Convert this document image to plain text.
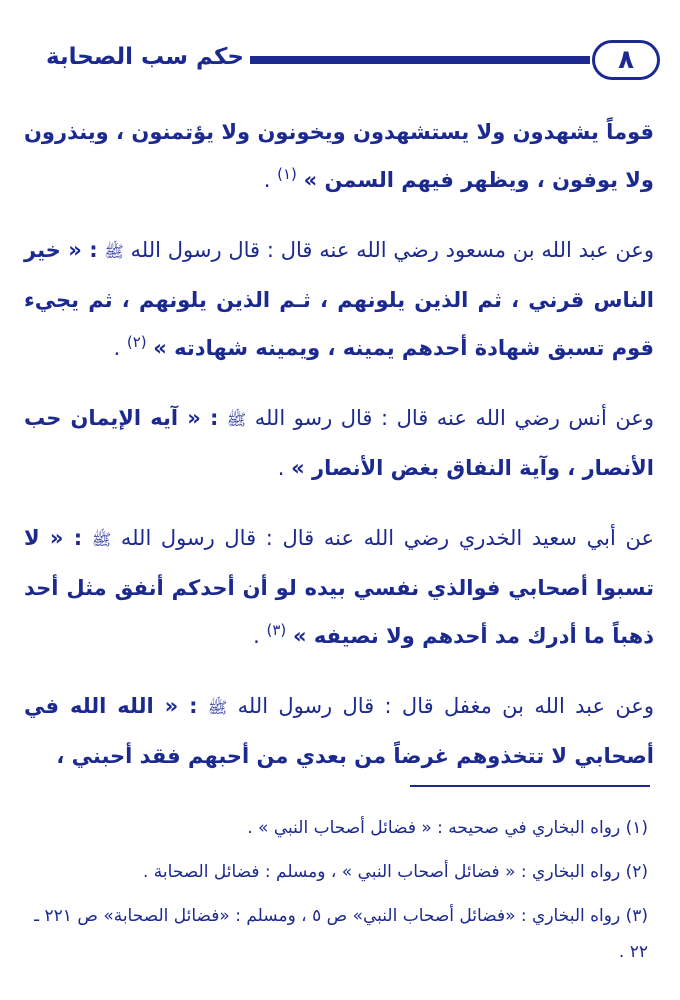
٨
حكم سب الصحابة

قوماً يشهدون ولا يستشهدون ويخونون ولا يؤتمنون ، وينذرون ولا يوفون ، ويظهر فيهم السمن » $^{(١)}$ .

وعن عبد الله بن مسعود رضي الله عنه قال : قال رسول الله ﷺ : « خير الناس قرني ، ثم الذين يلونهم ، ثـم الذين يلونهم ، ثم يجيء قوم تسبق شهادة أحدهم يمينه ، ويمينه شهادته » $^{(٢)}$ .

وعن أنس رضي الله عنه قال : قال رسو الله ﷺ : « آيه الإيمان حب الأنصار ، وآية النفاق بغض الأنصار » .

عن أبي سعيد الخدري رضي الله عنه قال : قال رسول الله ﷺ : « لا تسبوا أصحابي فوالذي نفسي بيده لو أن أحدكم أنفق مثل أحد ذهباً ما أدرك مد أحدهم ولا نصيفه » $^{(٣)}$ .

وعن عبد الله بن مغفل قال : قال رسول الله ﷺ : « الله الله في أصحابي لا تتخذوهم غرضاً من بعدي من أحبهم فقد أحبني ،

(١) رواه البخاري في صحيحه : « فضائل أصحاب النبي » .

(٢) رواه البخاري : « فضائل أصحاب النبي » ، ومسلم : فضائل الصحابة .

(٣) رواه البخاري : «فضائل أصحاب النبي» ص ٥ ، ومسلم : «فضائل الصحابة» ص ٢٢١ ـ ٢٢ .
